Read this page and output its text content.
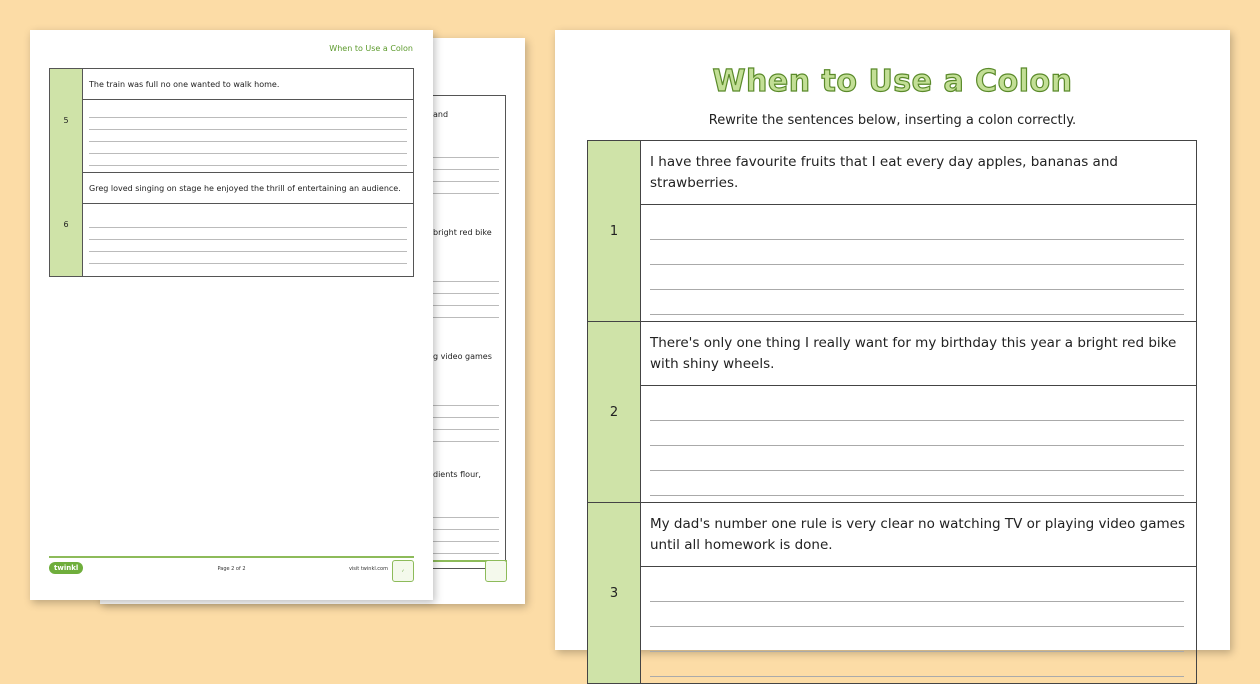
and

bright red bike

g video games

dients flour,

When to Use a Colon
5	The train was full no one wanted to walk home.

6	Greg loved singing on stage he enjoyed the thrill of entertaining an audience.

twinkl	Page 2 of 2	visit twinkl.com	✓
When to Use a Colon
Rewrite the sentences below, inserting a colon correctly.
1	I have three favourite fruits that I eat every day apples, bananas and strawberries.

2	There's only one thing I really want for my birthday this year a bright red bike with shiny wheels.

3	My dad's number one rule is very clear no watching TV or playing video games until all homework is done.
